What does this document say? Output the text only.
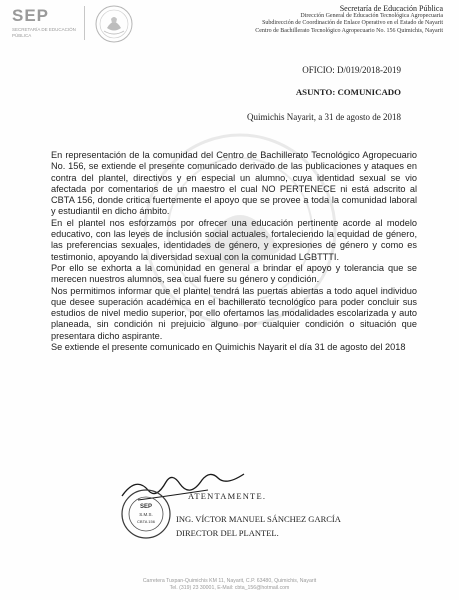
SEP
SECRETARÍA DE EDUCACIÓN PÚBLICA
Secretaría de Educación Pública
Dirección General de Educación Tecnológica Agropecuaria
Subdirección de Coordinación de Enlace Operativo en el Estado de Nayarit
Centro de Bachillerato Tecnológico Agropecuario No. 156 Quimichis, Nayarit
OFICIO: D/019/2018-2019
ASUNTO: COMUNICADO
Quimichis Nayarit, a 31 de agosto de 2018

En representación de la comunidad del Centro de Bachillerato Tecnológico Agropecuario No. 156, se extiende el presente comunicado derivado de las publicaciones y ataques en contra del plantel, directivos y en especial un alumno, cuya identidad sexual se vio afectada por comentarios de un maestro el cual NO PERTENECE ni está adscrito al CBTA 156, donde critica fuertemente el apoyo que se provee a toda la comunidad laboral y estudiantil en dicho ámbito.

En el plantel nos esforzamos por ofrecer una educación pertinente acorde al modelo educativo, con las leyes de inclusión social actuales, fortaleciendo la equidad de género, las preferencias sexuales, identidades de género, y expresiones de género y como es testimonio, apoyando la diversidad sexual con la comunidad LGBTTTI.

Por ello se exhorta a la comunidad en general a brindar el apoyo y tolerancia que se merecen nuestros alumnos, sea cual fuere su género y condición.

Nos permitimos informar que el plantel tendrá las puertas abiertas a todo aquel individuo que desee superación académica en el bachillerato tecnológico para poder concluir sus estudios de nivel medio superior, por ello ofertamos las modalidades escolarizada y auto planeada, sin condición ni prejuicio alguno por cualquier condición o situación que presentara dicho aspirante.

Se extiende el presente comunicado en Quimichis Nayarit el día 31 de agosto del 2018

SEP
S.M.S.
CBTA 156
ATENTAMENTE.
ING. VÍCTOR MANUEL SÁNCHEZ GARCÍA
DIRECTOR DEL PLANTEL.
Carretera Tuxpan-Quimichis KM 11, Nayarit, C.P. 63480, Quimichis, Nayarit
Tel. (319) 23 30001, E-Mail: cbta_156@hotmail.com
